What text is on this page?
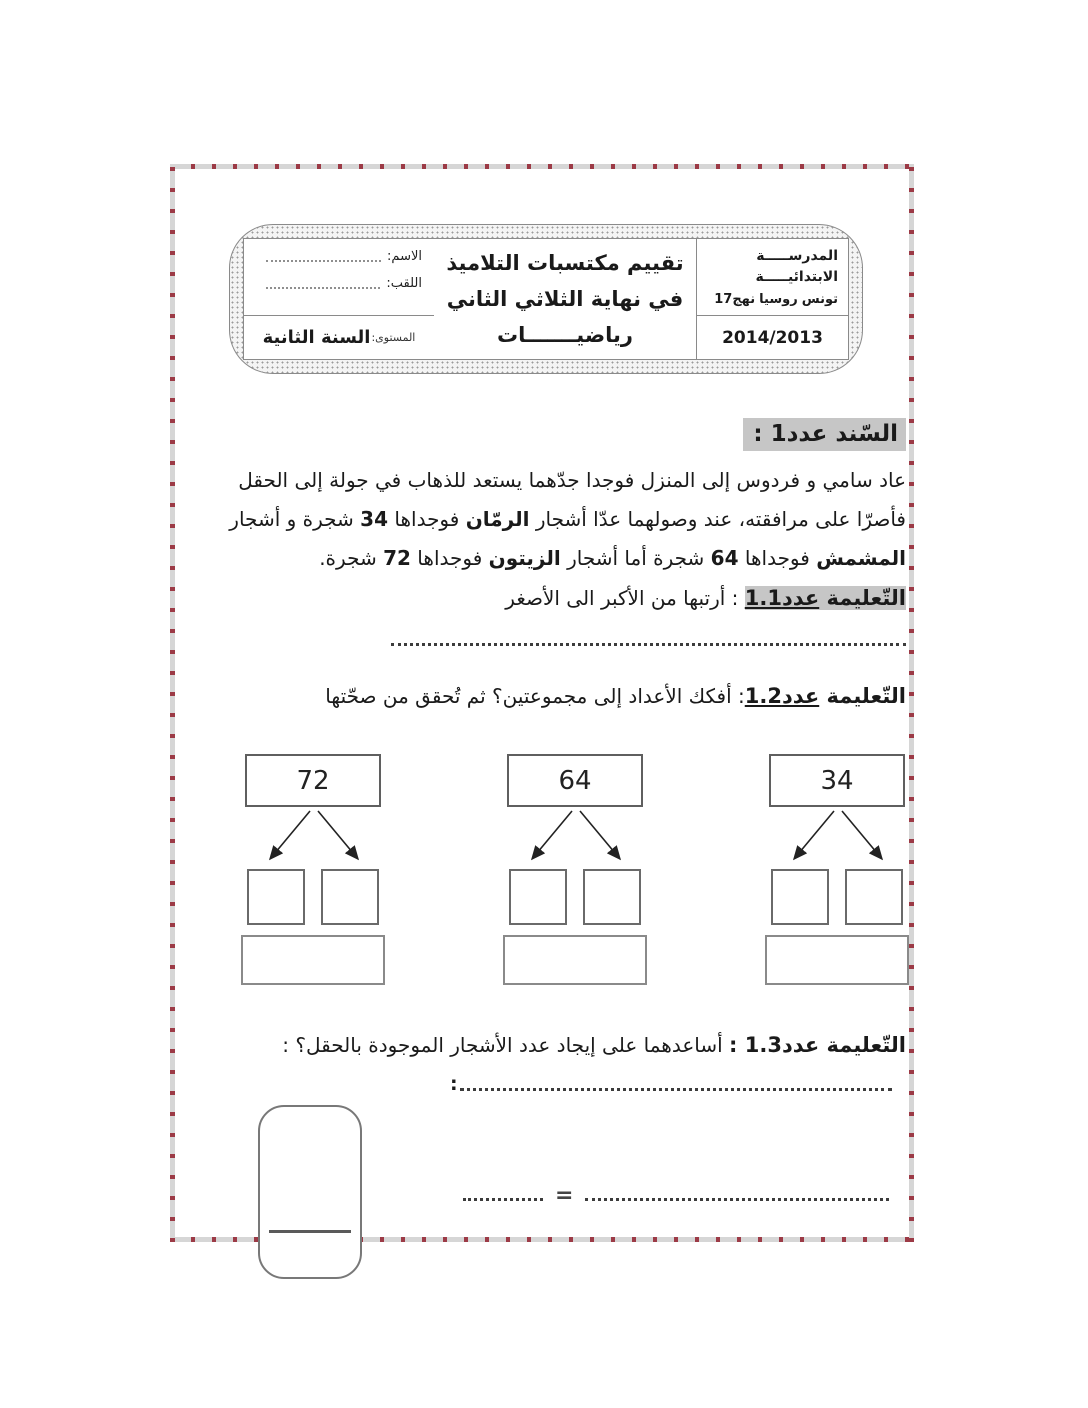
المدرســـــة
الابتدائيـــــة
17نهج روسيا تونس
2014/2013
تقييم مكتسبات التلاميذ
في نهاية الثلاثي الثاني
رياضيـــــــات
الاسم:
اللقب:
المستوى:
السنة الثانية
السّند عدد1 :
عاد سامي و فردوس إلى المنزل فوجدا جدّهما يستعد للذهاب في جولة إلى الحقل
فأصرّا على مرافقته، عند وصولهما عدّا أشجار الرمّان فوجداها 34 شجرة و أشجار
المشمش فوجداها 64 شجرة أما أشجار الزيتون فوجداها 72 شجرة.
التّعليمة عدد1.1 : أرتبها من الأكبر الى الأصغر
التّعليمة عدد1.2: أفكك الأعداد إلى مجموعتين؟ ثم تُحقق من صحّتها
72	64	34
التّعليمة عدد1.3 : أساعدهما على إيجاد عدد الأشجار الموجودة بالحقل؟ :
:
=
